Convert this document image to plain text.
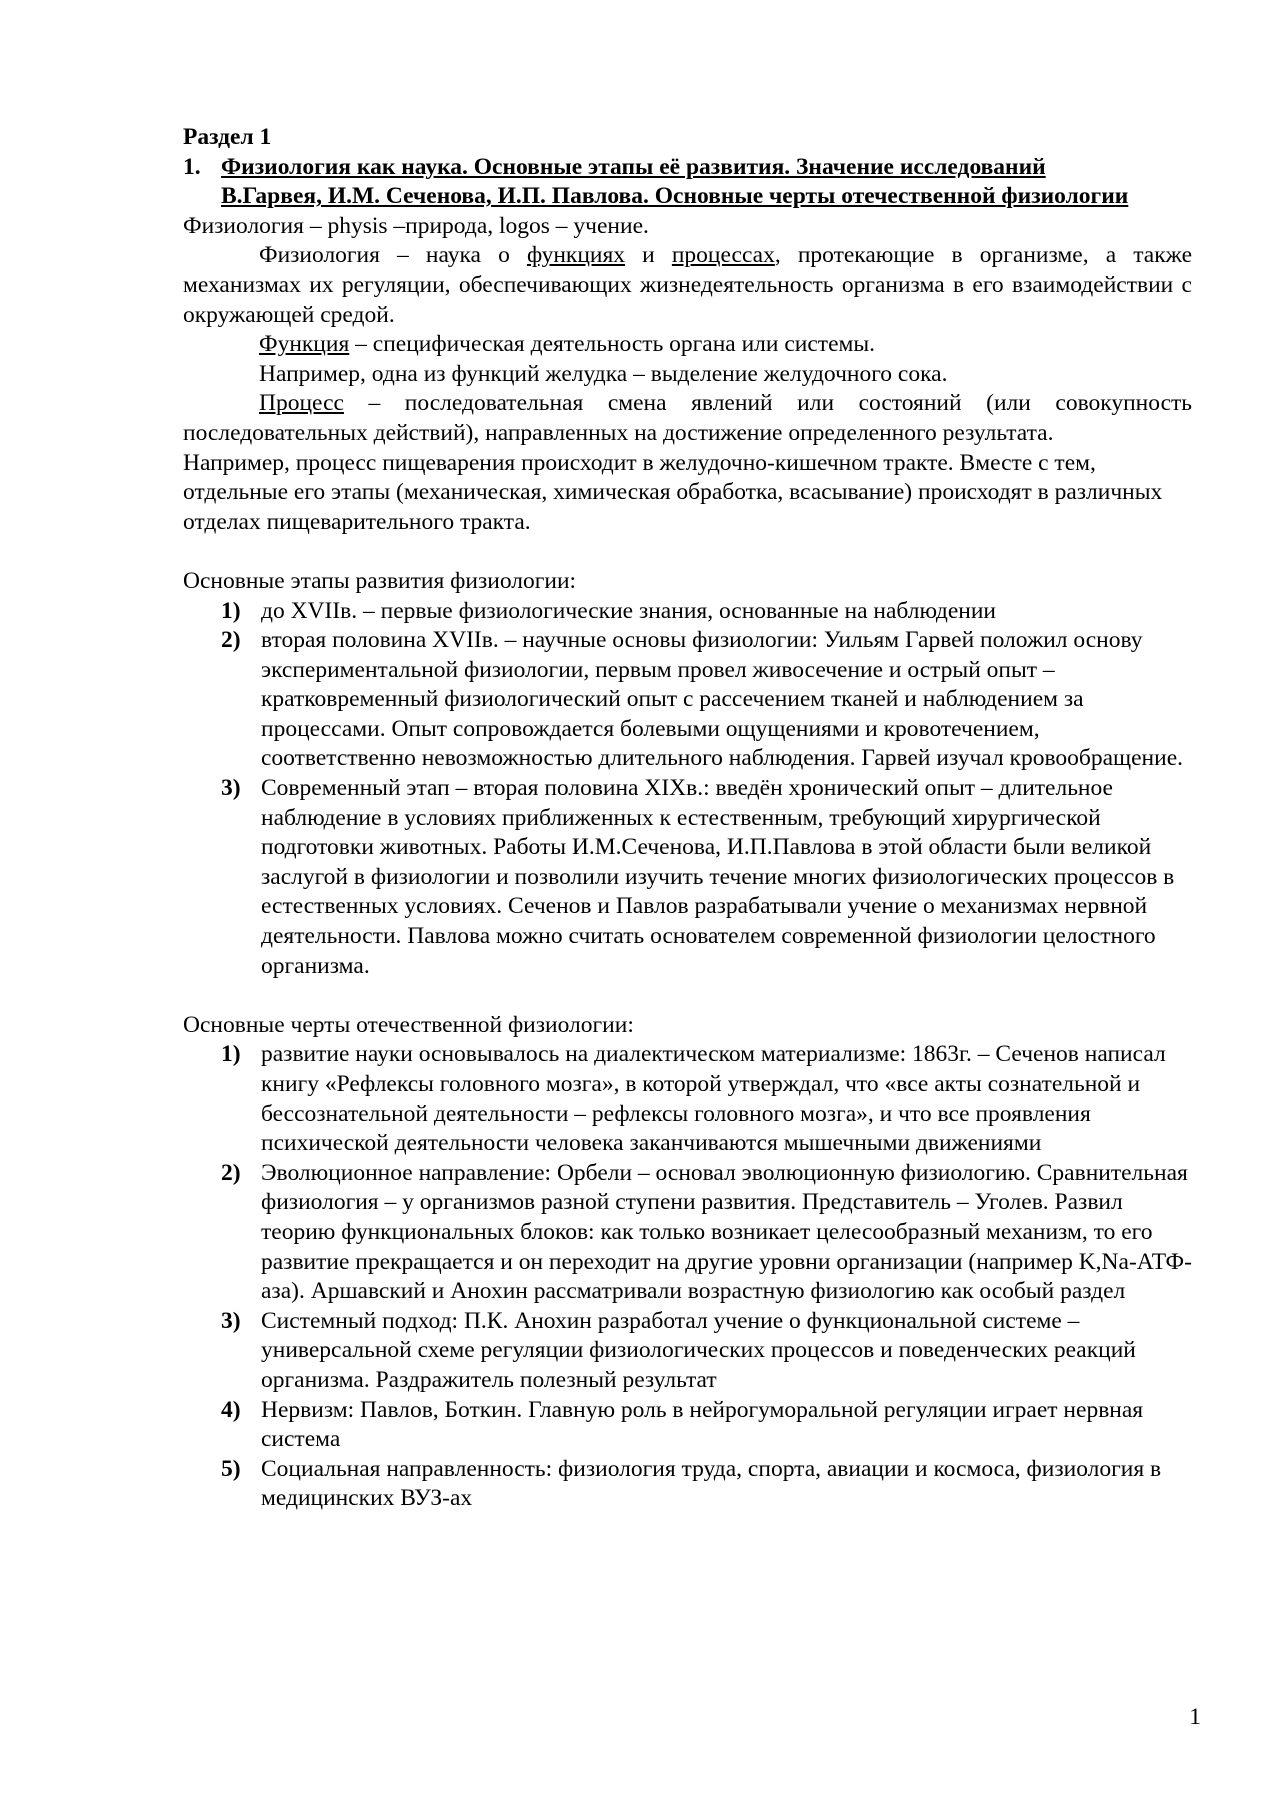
Раздел 1
1. Физиология как наука. Основные этапы её развития. Значение исследований В.Гарвея, И.М. Сеченова, И.П. Павлова. Основные черты отечественной физиологии

Физиология – physis –природа, logos – учение.

Физиология – наука о функциях и процессах, протекающие в организме, а также механизмах их регуляции, обеспечивающих жизнедеятельность организма в его взаимодействии с окружающей средой.

Функция – специфическая деятельность органа или системы.

Например, одна из функций желудка – выделение желудочного сока.

Процесс – последовательная смена явлений или состояний (или совокупность последовательных действий), направленных на достижение определенного результата.

Например, процесс пищеварения происходит в желудочно-кишечном тракте. Вместе с тем, отдельные его этапы (механическая, химическая обработка, всасывание) происходят в различных отделах пищеварительного тракта.

Основные этапы развития физиологии:

1) до XVIIв. – первые физиологические знания, основанные на наблюдении
2) вторая половина XVIIв. – научные основы физиологии: Уильям Гарвей положил основу экспериментальной физиологии, первым провел живосечение и острый опыт – кратковременный физиологический опыт с рассечением тканей и наблюдением за процессами. Опыт сопровождается болевыми ощущениями и кровотечением, соответственно невозможностью длительного наблюдения. Гарвей изучал кровообращение.
3) Современный этап – вторая половина XIXв.: введён хронический опыт – длительное наблюдение в условиях приближенных к естественным, требующий хирургической подготовки животных. Работы И.М.Сеченова, И.П.Павлова в этой области были великой заслугой в физиологии и позволили изучить течение многих физиологических процессов в естественных условиях. Сеченов и Павлов разрабатывали учение о механизмах нервной деятельности. Павлова можно считать основателем современной физиологии целостного организма.

Основные черты отечественной физиологии:

1) развитие науки основывалось на диалектическом материализме: 1863г. – Сеченов написал книгу «Рефлексы головного мозга», в которой утверждал, что «все акты сознательной и бессознательной деятельности – рефлексы головного мозга», и что все проявления психической деятельности человека заканчиваются мышечными движениями
2) Эволюционное направление: Орбели – основал эволюционную физиологию. Сравнительная физиология – у организмов разной ступени развития. Представитель – Уголев. Развил теорию функциональных блоков: как только возникает целесообразный механизм, то его развитие прекращается и он переходит на другие уровни организации (например K,Na-АТФ-аза). Аршавский и Анохин рассматривали возрастную физиологию как особый раздел
3) Системный подход: П.К. Анохин разработал учение о функциональной системе – универсальной схеме регуляции физиологических процессов и поведенческих реакций организма. Раздражитель полезный результат
4) Нервизм: Павлов, Боткин. Главную роль в нейрогуморальной регуляции играет нервная система
5) Социальная направленность: физиология труда, спорта, авиации и космоса, физиология в медицинских ВУЗ-ах
1
